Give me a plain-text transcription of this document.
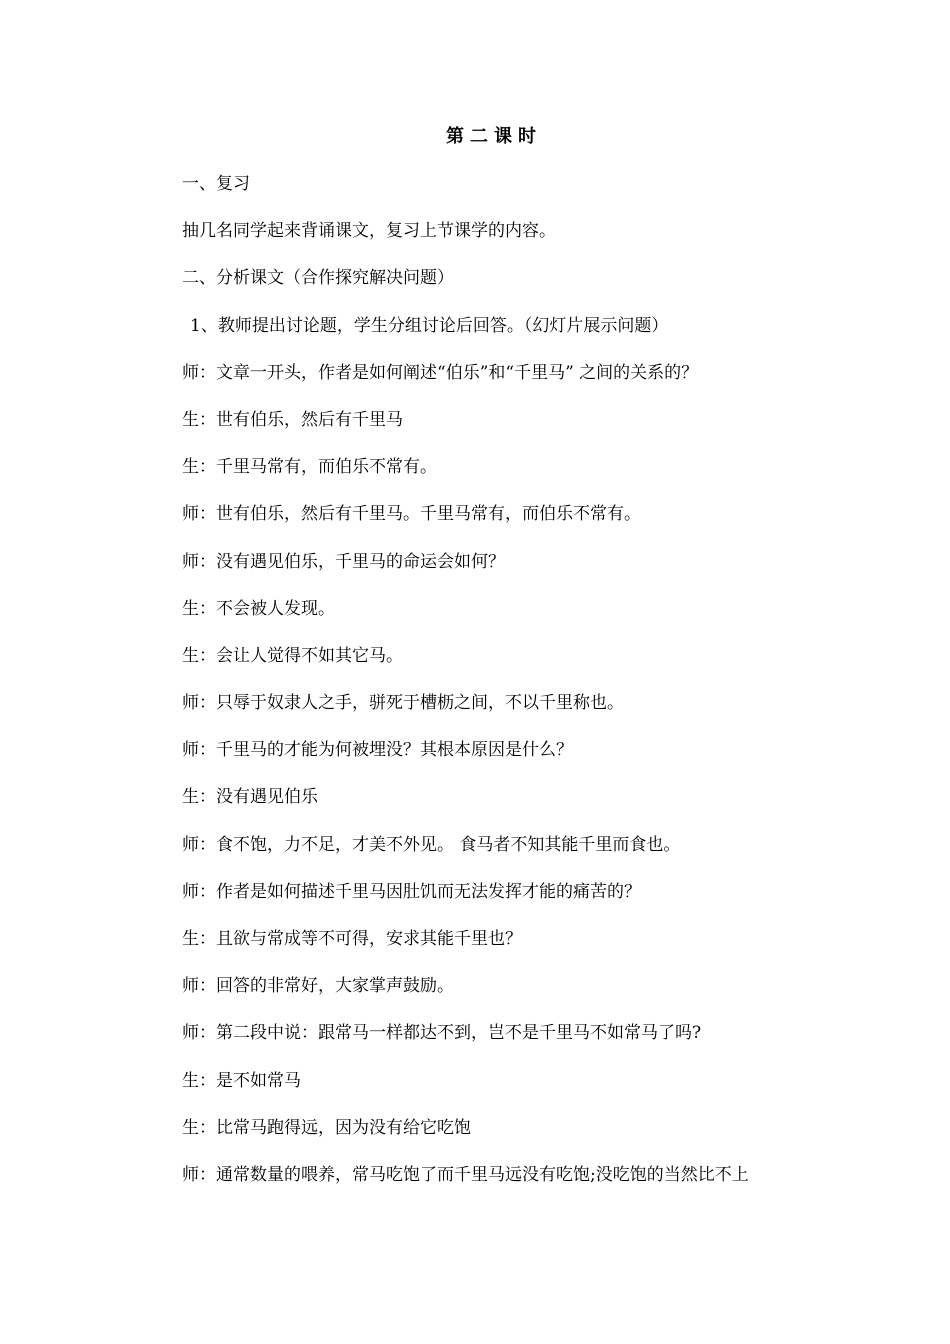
第二课时
一、复习
抽几名同学起来背诵课文，复习上节课学的内容。
二、分析课文（合作探究解决问题）
1、教师提出讨论题，学生分组讨论后回答。（幻灯片展示问题）
师：文章一开头，作者是如何阐述“伯乐”和“千里马” 之间的关系的？
生：世有伯乐，然后有千里马
生：千里马常有，而伯乐不常有。
师：世有伯乐，然后有千里马。千里马常有，而伯乐不常有。
师：没有遇见伯乐，千里马的命运会如何？
生：不会被人发现。
生：会让人觉得不如其它马。
师：只辱于奴隶人之手，骈死于槽枥之间，不以千里称也。
师：千里马的才能为何被埋没？其根本原因是什么？
生：没有遇见伯乐
师：食不饱，力不足，才美不外见。 食马者不知其能千里而食也。
师：作者是如何描述千里马因肚饥而无法发挥才能的痛苦的？
生：且欲与常成等不可得，安求其能千里也？
师：回答的非常好，大家掌声鼓励。
师：第二段中说：跟常马一样都达不到，岂不是千里马不如常马了吗?
生：是不如常马
生：比常马跑得远，因为没有给它吃饱
师：通常数量的喂养，常马吃饱了而千里马远没有吃饱;没吃饱的当然比不上
